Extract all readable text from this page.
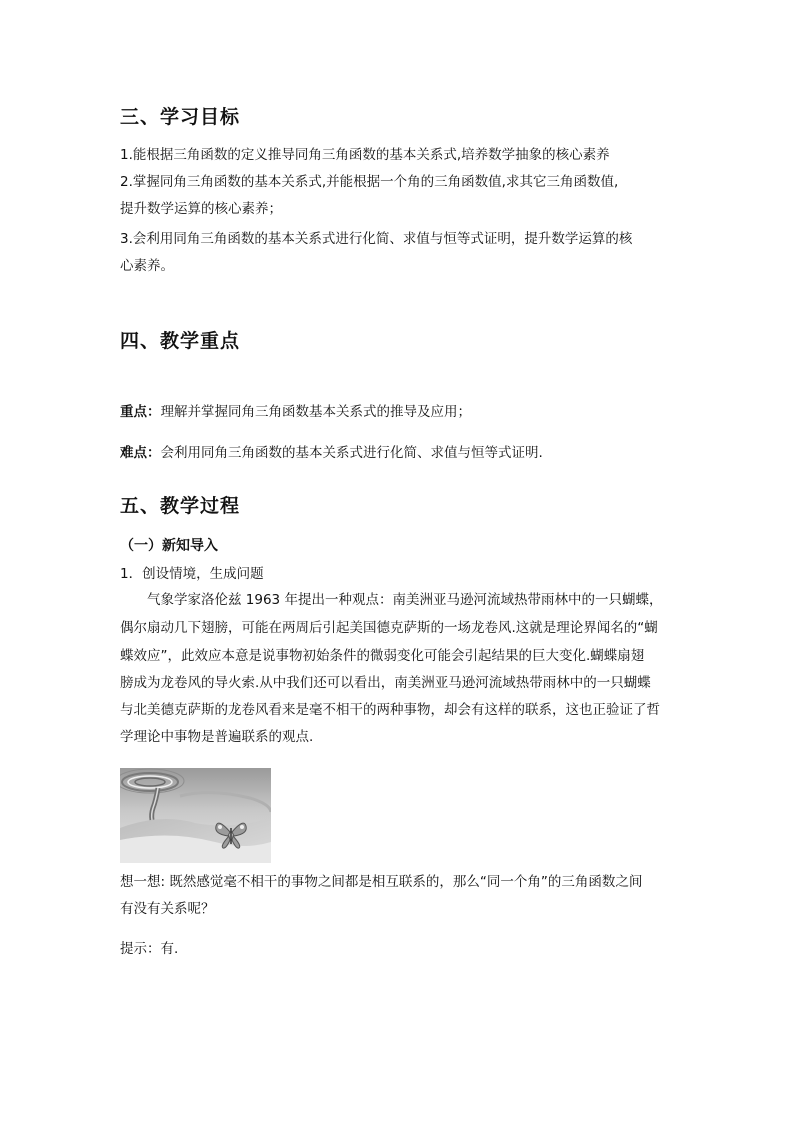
三、学习目标
1.能根据三角函数的定义推导同角三角函数的基本关系式,培养数学抽象的核心素养
2.掌握同角三角函数的基本关系式,并能根据一个角的三角函数值,求其它三角函数值,
提升数学运算的核心素养；
3.会利用同角三角函数的基本关系式进行化简、求值与恒等式证明，提升数学运算的核
心素养。
四、教学重点
重点：理解并掌握同角三角函数基本关系式的推导及应用；
难点：会利用同角三角函数的基本关系式进行化简、求值与恒等式证明.
五、教学过程
（一）新知导入
1．创设情境，生成问题
气象学家洛伦兹 1963 年提出一种观点：南美洲亚马逊河流域热带雨林中的一只蝴蝶，
偶尔扇动几下翅膀，可能在两周后引起美国德克萨斯的一场龙卷风.这就是理论界闻名的“蝴
蝶效应”，此效应本意是说事物初始条件的微弱变化可能会引起结果的巨大变化.蝴蝶扇翅
膀成为龙卷风的导火索.从中我们还可以看出，南美洲亚马逊河流域热带雨林中的一只蝴蝶
与北美德克萨斯的龙卷风看来是毫不相干的两种事物，却会有这样的联系，这也正验证了哲
学理论中事物是普遍联系的观点.
想一想: 既然感觉毫不相干的事物之间都是相互联系的，那么“同一个角”的三角函数之间
有没有关系呢？
提示：有.
